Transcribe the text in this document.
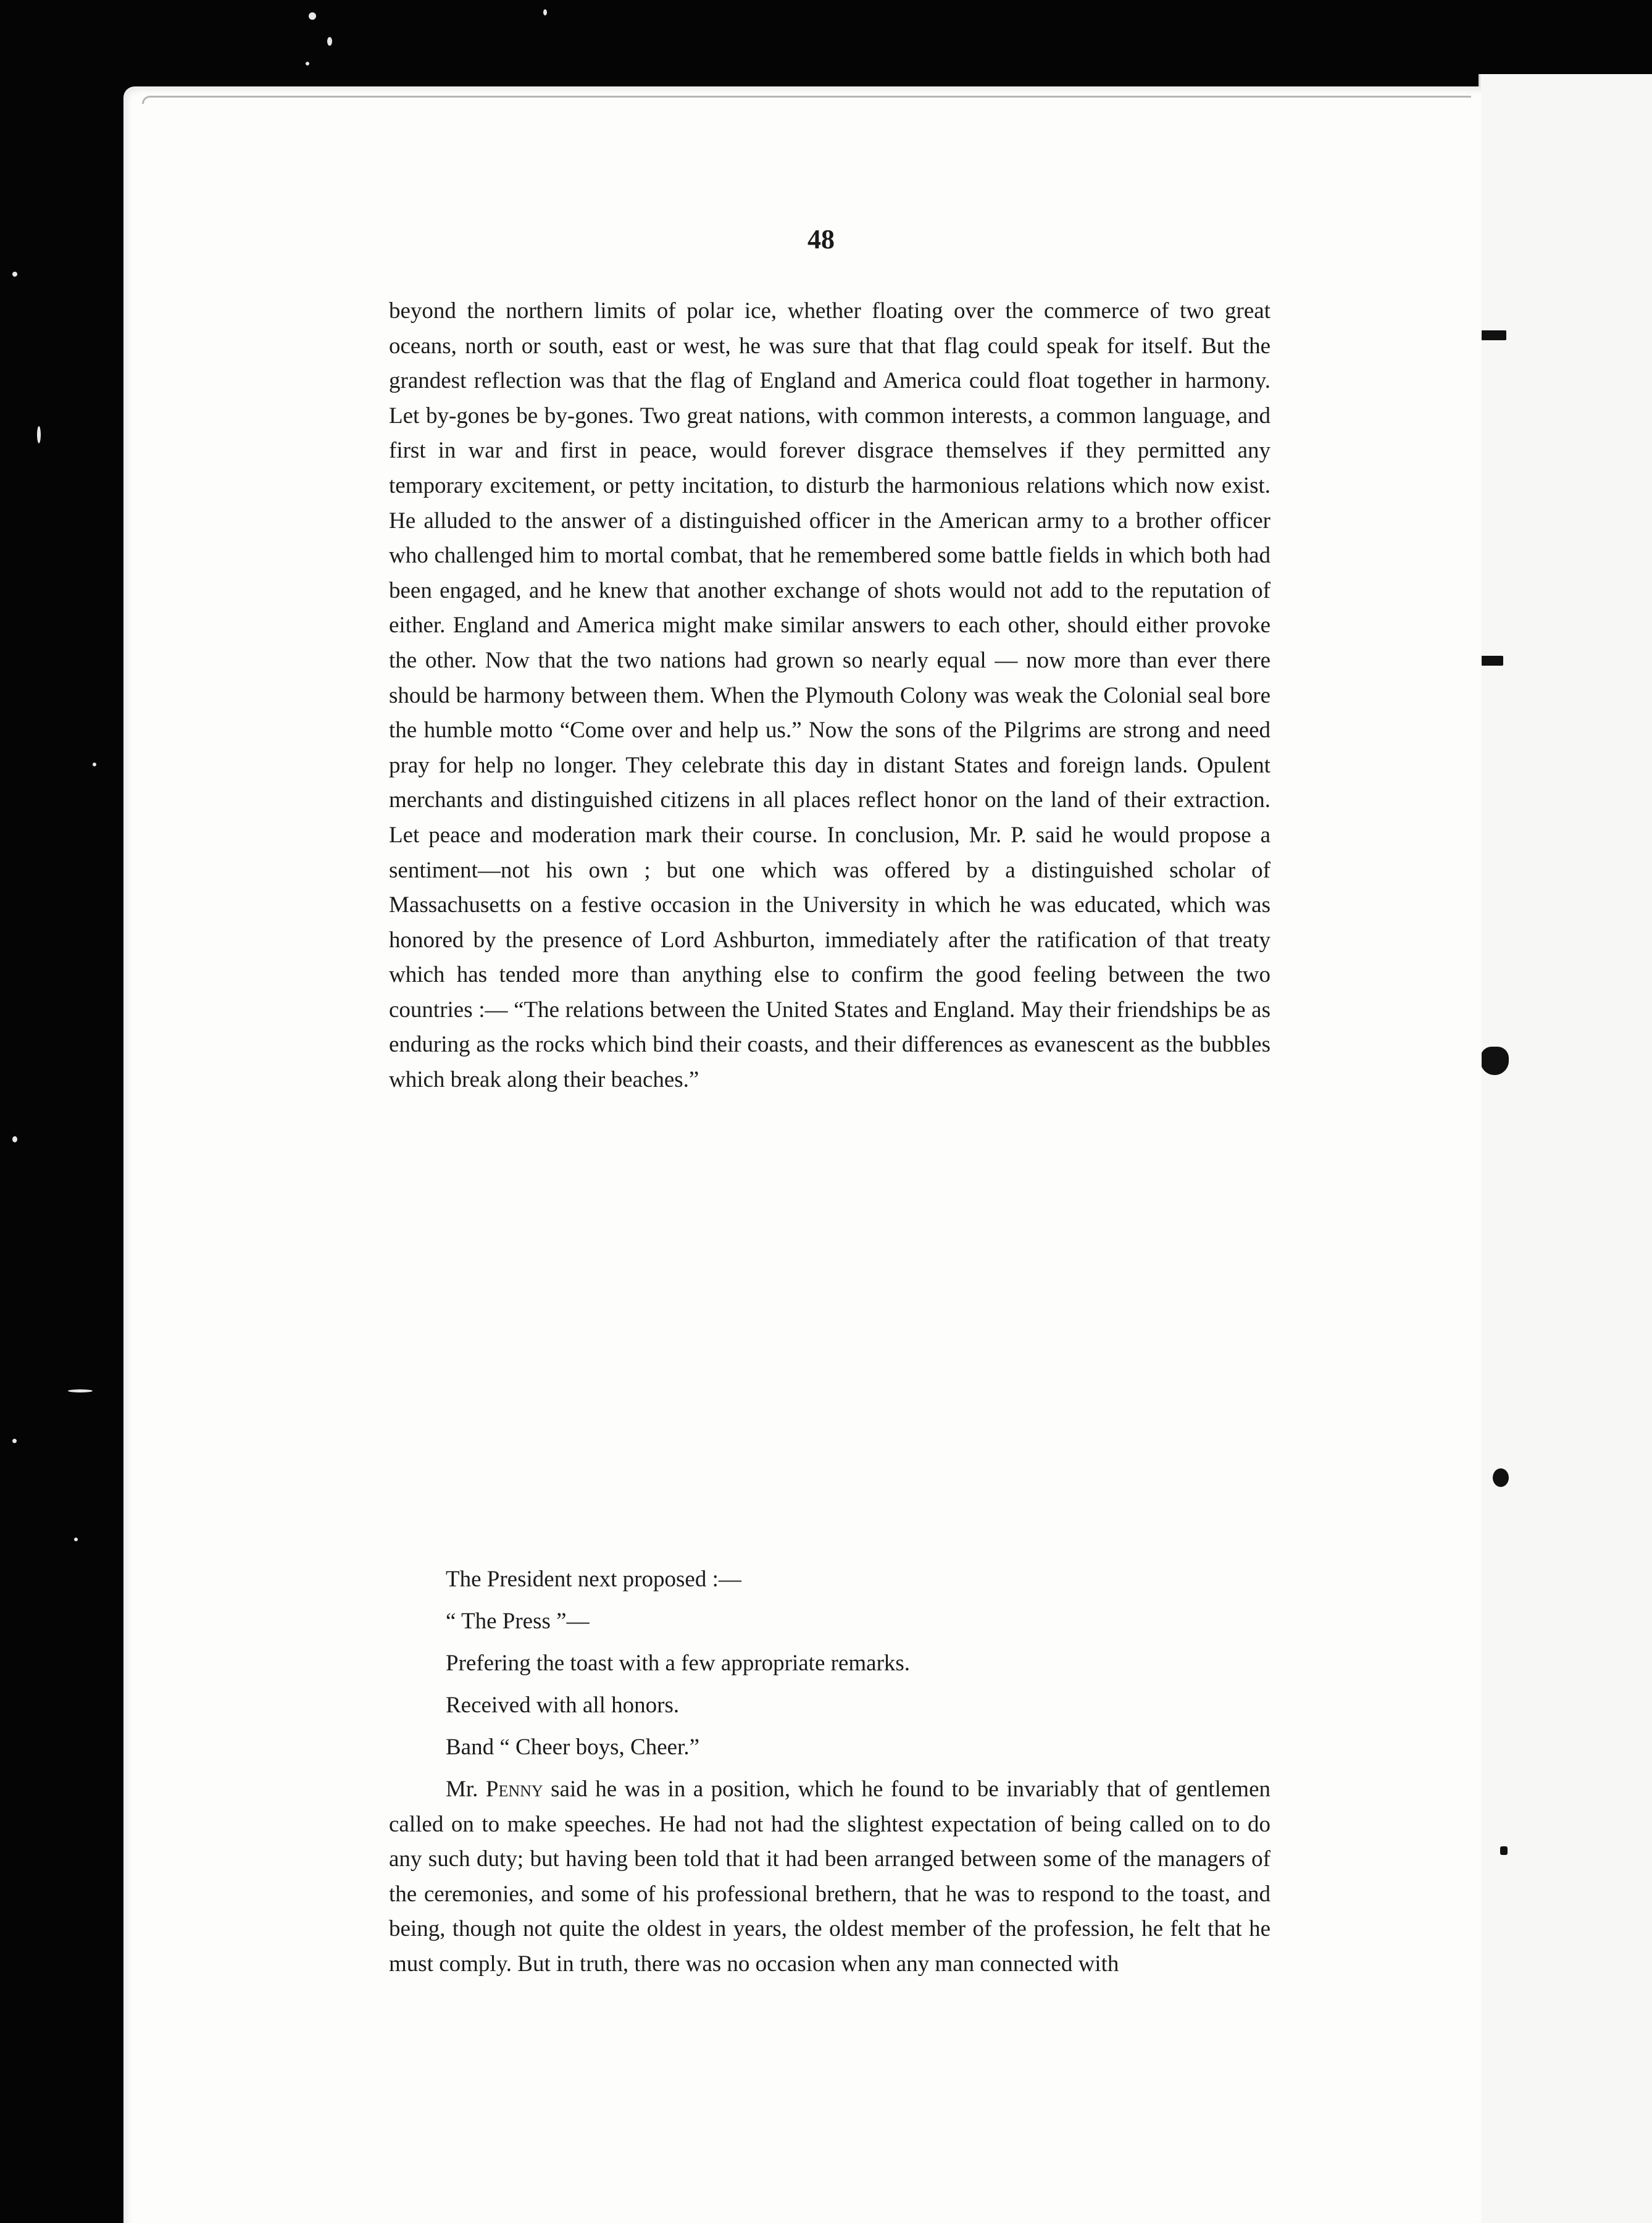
48

beyond the northern limits of polar ice, whether floating over the commerce of two great oceans, north or south, east or west, he was sure that that flag could speak for itself. But the grandest reflection was that the flag of England and America could float together in harmony. Let by-gones be by-gones. Two great nations, with common interests, a common language, and first in war and first in peace, would forever disgrace themselves if they permitted any temporary excitement, or petty incitation, to disturb the harmonious relations which now exist. He alluded to the answer of a distinguished officer in the American army to a brother officer who challenged him to mortal combat, that he remembered some battle fields in which both had been engaged, and he knew that another exchange of shots would not add to the reputation of either. England and America might make similar answers to each other, should either provoke the other. Now that the two nations had grown so nearly equal — now more than ever there should be harmony between them. When the Plymouth Colony was weak the Colonial seal bore the humble motto “Come over and help us.” Now the sons of the Pilgrims are strong and need pray for help no longer. They celebrate this day in distant States and foreign lands. Opulent merchants and distinguished citizens in all places reflect honor on the land of their extraction. Let peace and moderation mark their course. In conclusion, Mr. P. said he would propose a sentiment—not his own ; but one which was offered by a distinguished scholar of Massachusetts on a festive occasion in the University in which he was educated, which was honored by the presence of Lord Ashburton, immediately after the ratification of that treaty which has tended more than anything else to confirm the good feeling between the two countries :— “The relations between the United States and England. May their friendships be as enduring as the rocks which bind their coasts, and their differences as evanescent as the bubbles which break along their beaches.”

The President next proposed :—

“ The Press ”—

Prefering the toast with a few appropriate remarks.

Received with all honors.

Band “ Cheer boys, Cheer.”

Mr. Penny said he was in a position, which he found to be invariably that of gentlemen called on to make speeches. He had not had the slightest expectation of being called on to do any such duty; but having been told that it had been arranged between some of the managers of the ceremonies, and some of his professional brethern, that he was to respond to the toast, and being, though not quite the oldest in years, the oldest member of the profession, he felt that he must comply. But in truth, there was no occasion when any man connected with
